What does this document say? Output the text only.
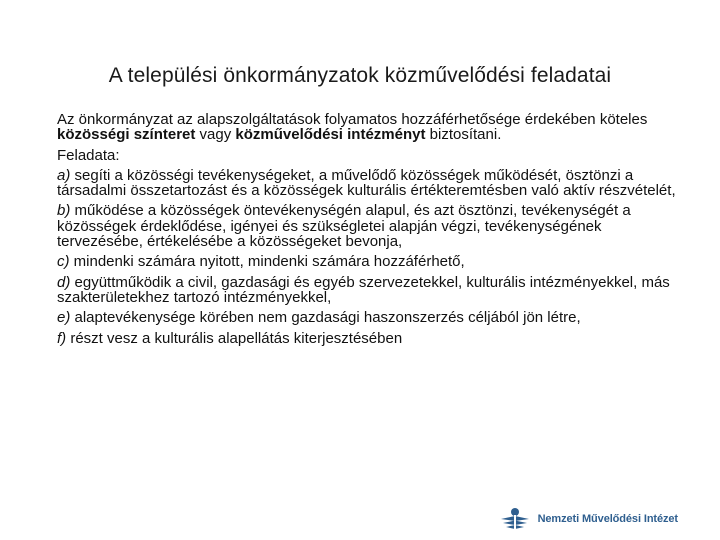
A települési önkormányzatok közművelődési feladatai

Az önkormányzat az alapszolgáltatások folyamatos hozzáférhetősége érdekében köteles közösségi színteret vagy közművelődési intézményt biztosítani.

Feladata:

a) segíti a közösségi tevékenységeket, a művelődő közösségek működését, ösztönzi a társadalmi összetartozást és a közösségek kulturális értékteremtésben való aktív részvételét,

b) működése a közösségek öntevékenységén alapul, és azt ösztönzi, tevékenységét a közösségek érdeklődése, igényei és szükségletei alapján végzi, tevékenységének tervezésébe, értékelésébe a közösségeket bevonja,

c) mindenki számára nyitott, mindenki számára hozzáférhető,

d) együttműködik a civil, gazdasági és egyéb szervezetekkel, kulturális intézményekkel, más szakterületekhez tartozó intézményekkel,

e) alaptevékenysége körében nem gazdasági haszonszerzés céljából jön létre,

f) részt vesz a kulturális alapellátás kiterjesztésében

Nemzeti Művelődési Intézet
